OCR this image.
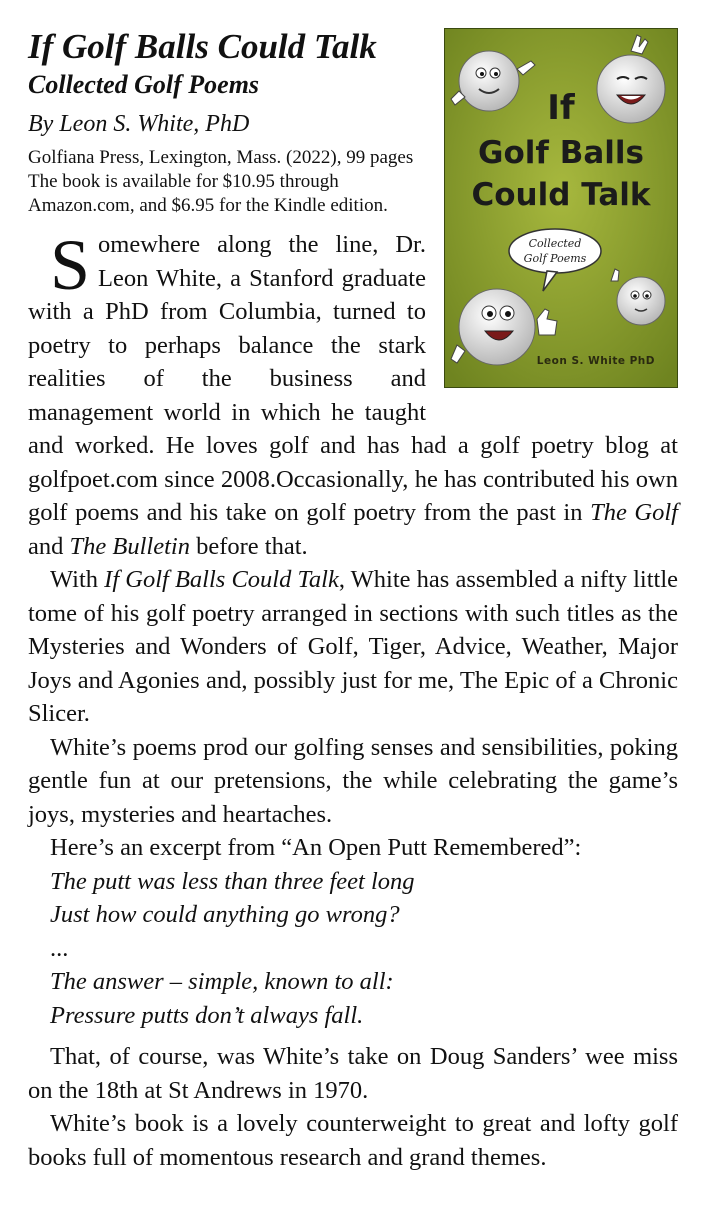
If
Golf Balls
Could Talk
Collected
Golf Poems
Leon S. White PhD
If Golf Balls Could Talk
Collected Golf Poems
By Leon S. White, PhD

Golfiana Press, Lexington, Mass. (2022), 99 pages

The book is available for $10.95 through Amazon.com, and $6.95 for the Kindle edition.

Somewhere along the line, Dr. Leon White, a Stanford graduate with a PhD from Columbia, turned to poetry to perhaps balance the stark realities of the business and management world in which he taught and worked. He loves golf and has had a golf poetry blog at golfpoet.com since 2008.Occasionally, he has contributed his own golf poems and his take on golf poetry from the past in The Golf and The Bulletin before that.

With If Golf Balls Could Talk, White has assembled a nifty little tome of his golf poetry arranged in sections with such titles as the Mysteries and Wonders of Golf, Tiger, Advice, Weather, Major Joys and Agonies and, possibly just for me, The Epic of a Chronic Slicer.

White’s poems prod our golfing senses and sensibilities, poking gentle fun at our pretensions, the while celebrating the game’s joys, mysteries and heartaches.

Here’s an excerpt from “An Open Putt Remembered”:

The putt was less than three feet long
Just how could anything go wrong?
...
The answer – simple, known to all:
Pressure putts don’t always fall.

That, of course, was White’s take on Doug Sanders’ wee miss on the 18th at St Andrews in 1970.

White’s book is a lovely counterweight to great and lofty golf books full of momentous research and grand themes.
